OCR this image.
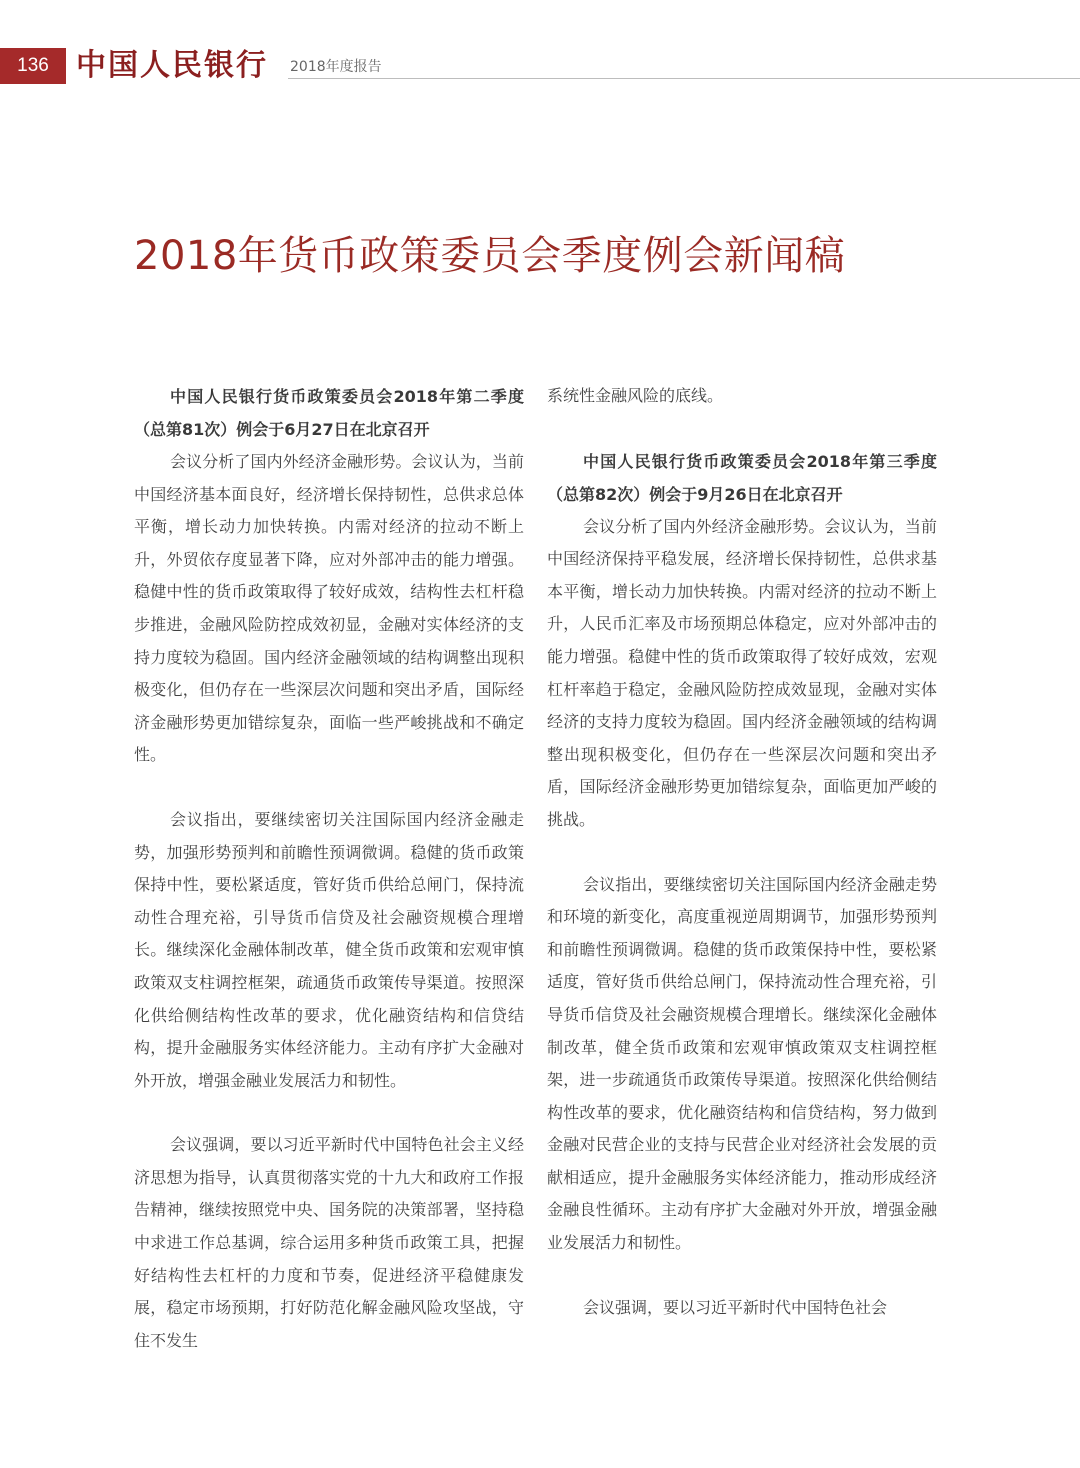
136 中国人民银行 2018年度报告
2018年货币政策委员会季度例会新闻稿

中国人民银行货币政策委员会2018年第二季度（总第81次）例会于6月27日在北京召开

会议分析了国内外经济金融形势。会议认为，当前中国经济基本面良好，经济增长保持韧性，总供求总体平衡，增长动力加快转换。内需对经济的拉动不断上升，外贸依存度显著下降，应对外部冲击的能力增强。稳健中性的货币政策取得了较好成效，结构性去杠杆稳步推进，金融风险防控成效初显，金融对实体经济的支持力度较为稳固。国内经济金融领域的结构调整出现积极变化，但仍存在一些深层次问题和突出矛盾，国际经济金融形势更加错综复杂，面临一些严峻挑战和不确定性。

会议指出，要继续密切关注国际国内经济金融走势，加强形势预判和前瞻性预调微调。稳健的货币政策保持中性，要松紧适度，管好货币供给总闸门，保持流动性合理充裕，引导货币信贷及社会融资规模合理增长。继续深化金融体制改革，健全货币政策和宏观审慎政策双支柱调控框架，疏通货币政策传导渠道。按照深化供给侧结构性改革的要求，优化融资结构和信贷结构，提升金融服务实体经济能力。主动有序扩大金融对外开放，增强金融业发展活力和韧性。

会议强调，要以习近平新时代中国特色社会主义经济思想为指导，认真贯彻落实党的十九大和政府工作报告精神，继续按照党中央、国务院的决策部署，坚持稳中求进工作总基调，综合运用多种货币政策工具，把握好结构性去杠杆的力度和节奏，促进经济平稳健康发展，稳定市场预期，打好防范化解金融风险攻坚战，守住不发生

系统性金融风险的底线。

中国人民银行货币政策委员会2018年第三季度（总第82次）例会于9月26日在北京召开

会议分析了国内外经济金融形势。会议认为，当前中国经济保持平稳发展，经济增长保持韧性，总供求基本平衡，增长动力加快转换。内需对经济的拉动不断上升，人民币汇率及市场预期总体稳定，应对外部冲击的能力增强。稳健中性的货币政策取得了较好成效，宏观杠杆率趋于稳定，金融风险防控成效显现，金融对实体经济的支持力度较为稳固。国内经济金融领域的结构调整出现积极变化，但仍存在一些深层次问题和突出矛盾，国际经济金融形势更加错综复杂，面临更加严峻的挑战。

会议指出，要继续密切关注国际国内经济金融走势和环境的新变化，高度重视逆周期调节，加强形势预判和前瞻性预调微调。稳健的货币政策保持中性，要松紧适度，管好货币供给总闸门，保持流动性合理充裕，引导货币信贷及社会融资规模合理增长。继续深化金融体制改革，健全货币政策和宏观审慎政策双支柱调控框架，进一步疏通货币政策传导渠道。按照深化供给侧结构性改革的要求，优化融资结构和信贷结构，努力做到金融对民营企业的支持与民营企业对经济社会发展的贡献相适应，提升金融服务实体经济能力，推动形成经济金融良性循环。主动有序扩大金融对外开放，增强金融业发展活力和韧性。

会议强调，要以习近平新时代中国特色社会
